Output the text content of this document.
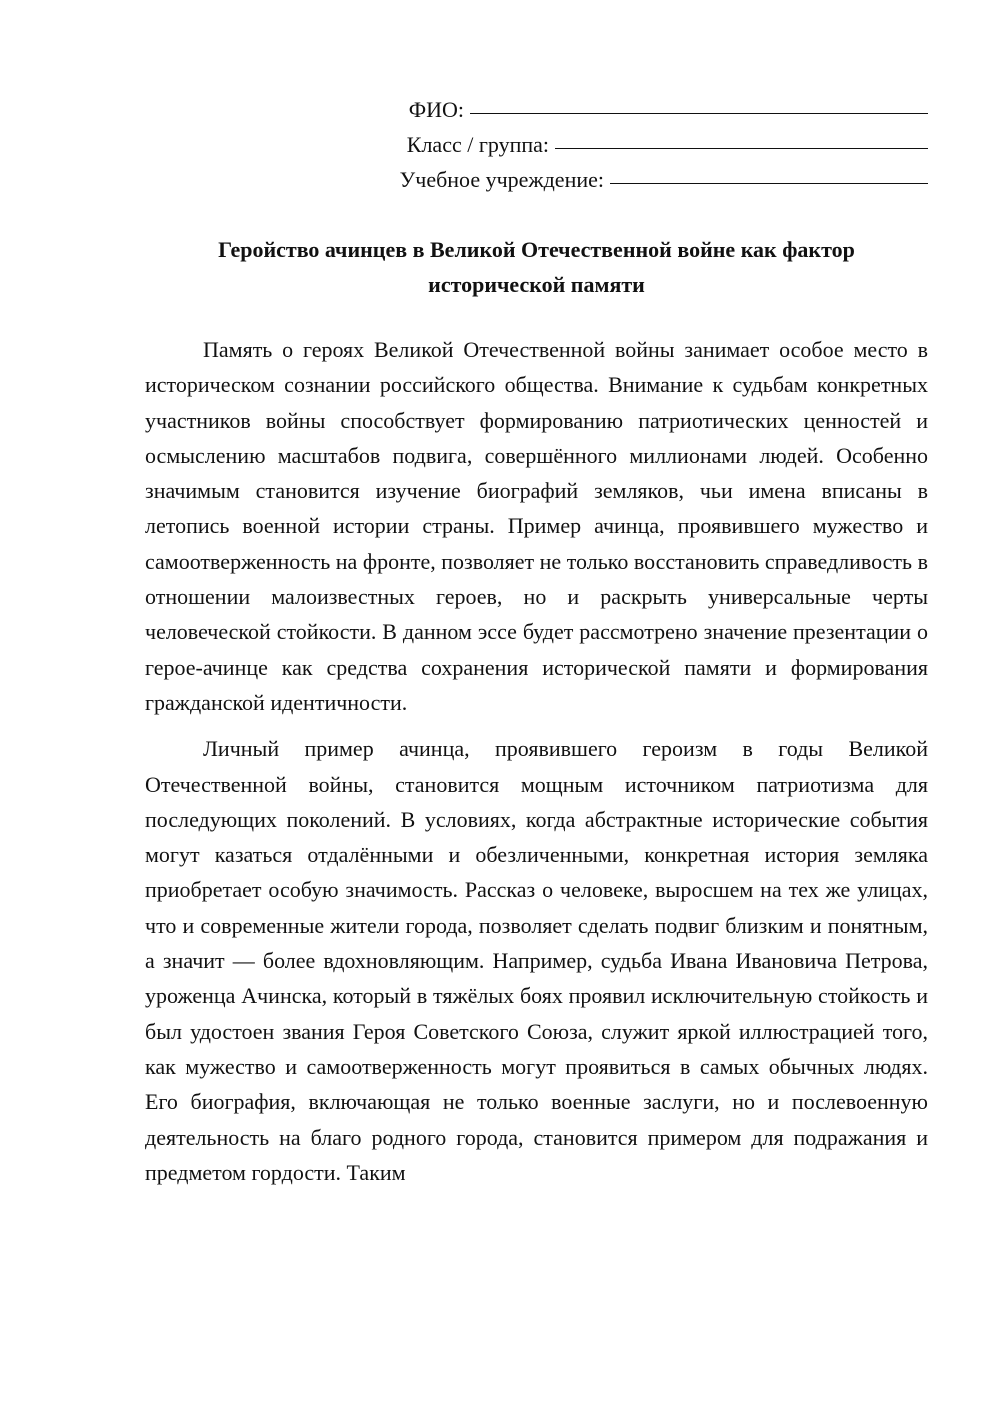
ФИО:
Класс / группа:
Учебное учреждение:
Геройство ачинцев в Великой Отечественной войне как фактор
исторической памяти

Память о героях Великой Отечественной войны занимает особое место в историческом сознании российского общества. Внимание к судьбам конкретных участников войны способствует формированию патриотических ценностей и осмыслению масштабов подвига, совершённого миллионами людей. Особенно значимым становится изучение биографий земляков, чьи имена вписаны в летопись военной истории страны. Пример ачинца, проявившего мужество и самоотверженность на фронте, позволяет не только восстановить справедливость в отношении малоизвестных героев, но и раскрыть универсальные черты человеческой стойкости. В данном эссе будет рассмотрено значение презентации о герое-ачинце как средства сохранения исторической памяти и формирования гражданской идентичности.

Личный пример ачинца, проявившего героизм в годы Великой Отечественной войны, становится мощным источником патриотизма для последующих поколений. В условиях, когда абстрактные исторические события могут казаться отдалёнными и обезличенными, конкретная история земляка приобретает особую значимость. Рассказ о человеке, выросшем на тех же улицах, что и современные жители города, позволяет сделать подвиг близким и понятным, а значит — более вдохновляющим. Например, судьба Ивана Ивановича Петрова, уроженца Ачинска, который в тяжёлых боях проявил исключительную стойкость и был удостоен звания Героя Советского Союза, служит яркой иллюстрацией того, как мужество и самоотверженность могут проявиться в самых обычных людях. Его биография, включающая не только военные заслуги, но и послевоенную деятельность на благо родного города, становится примером для подражания и предметом гордости. Таким
